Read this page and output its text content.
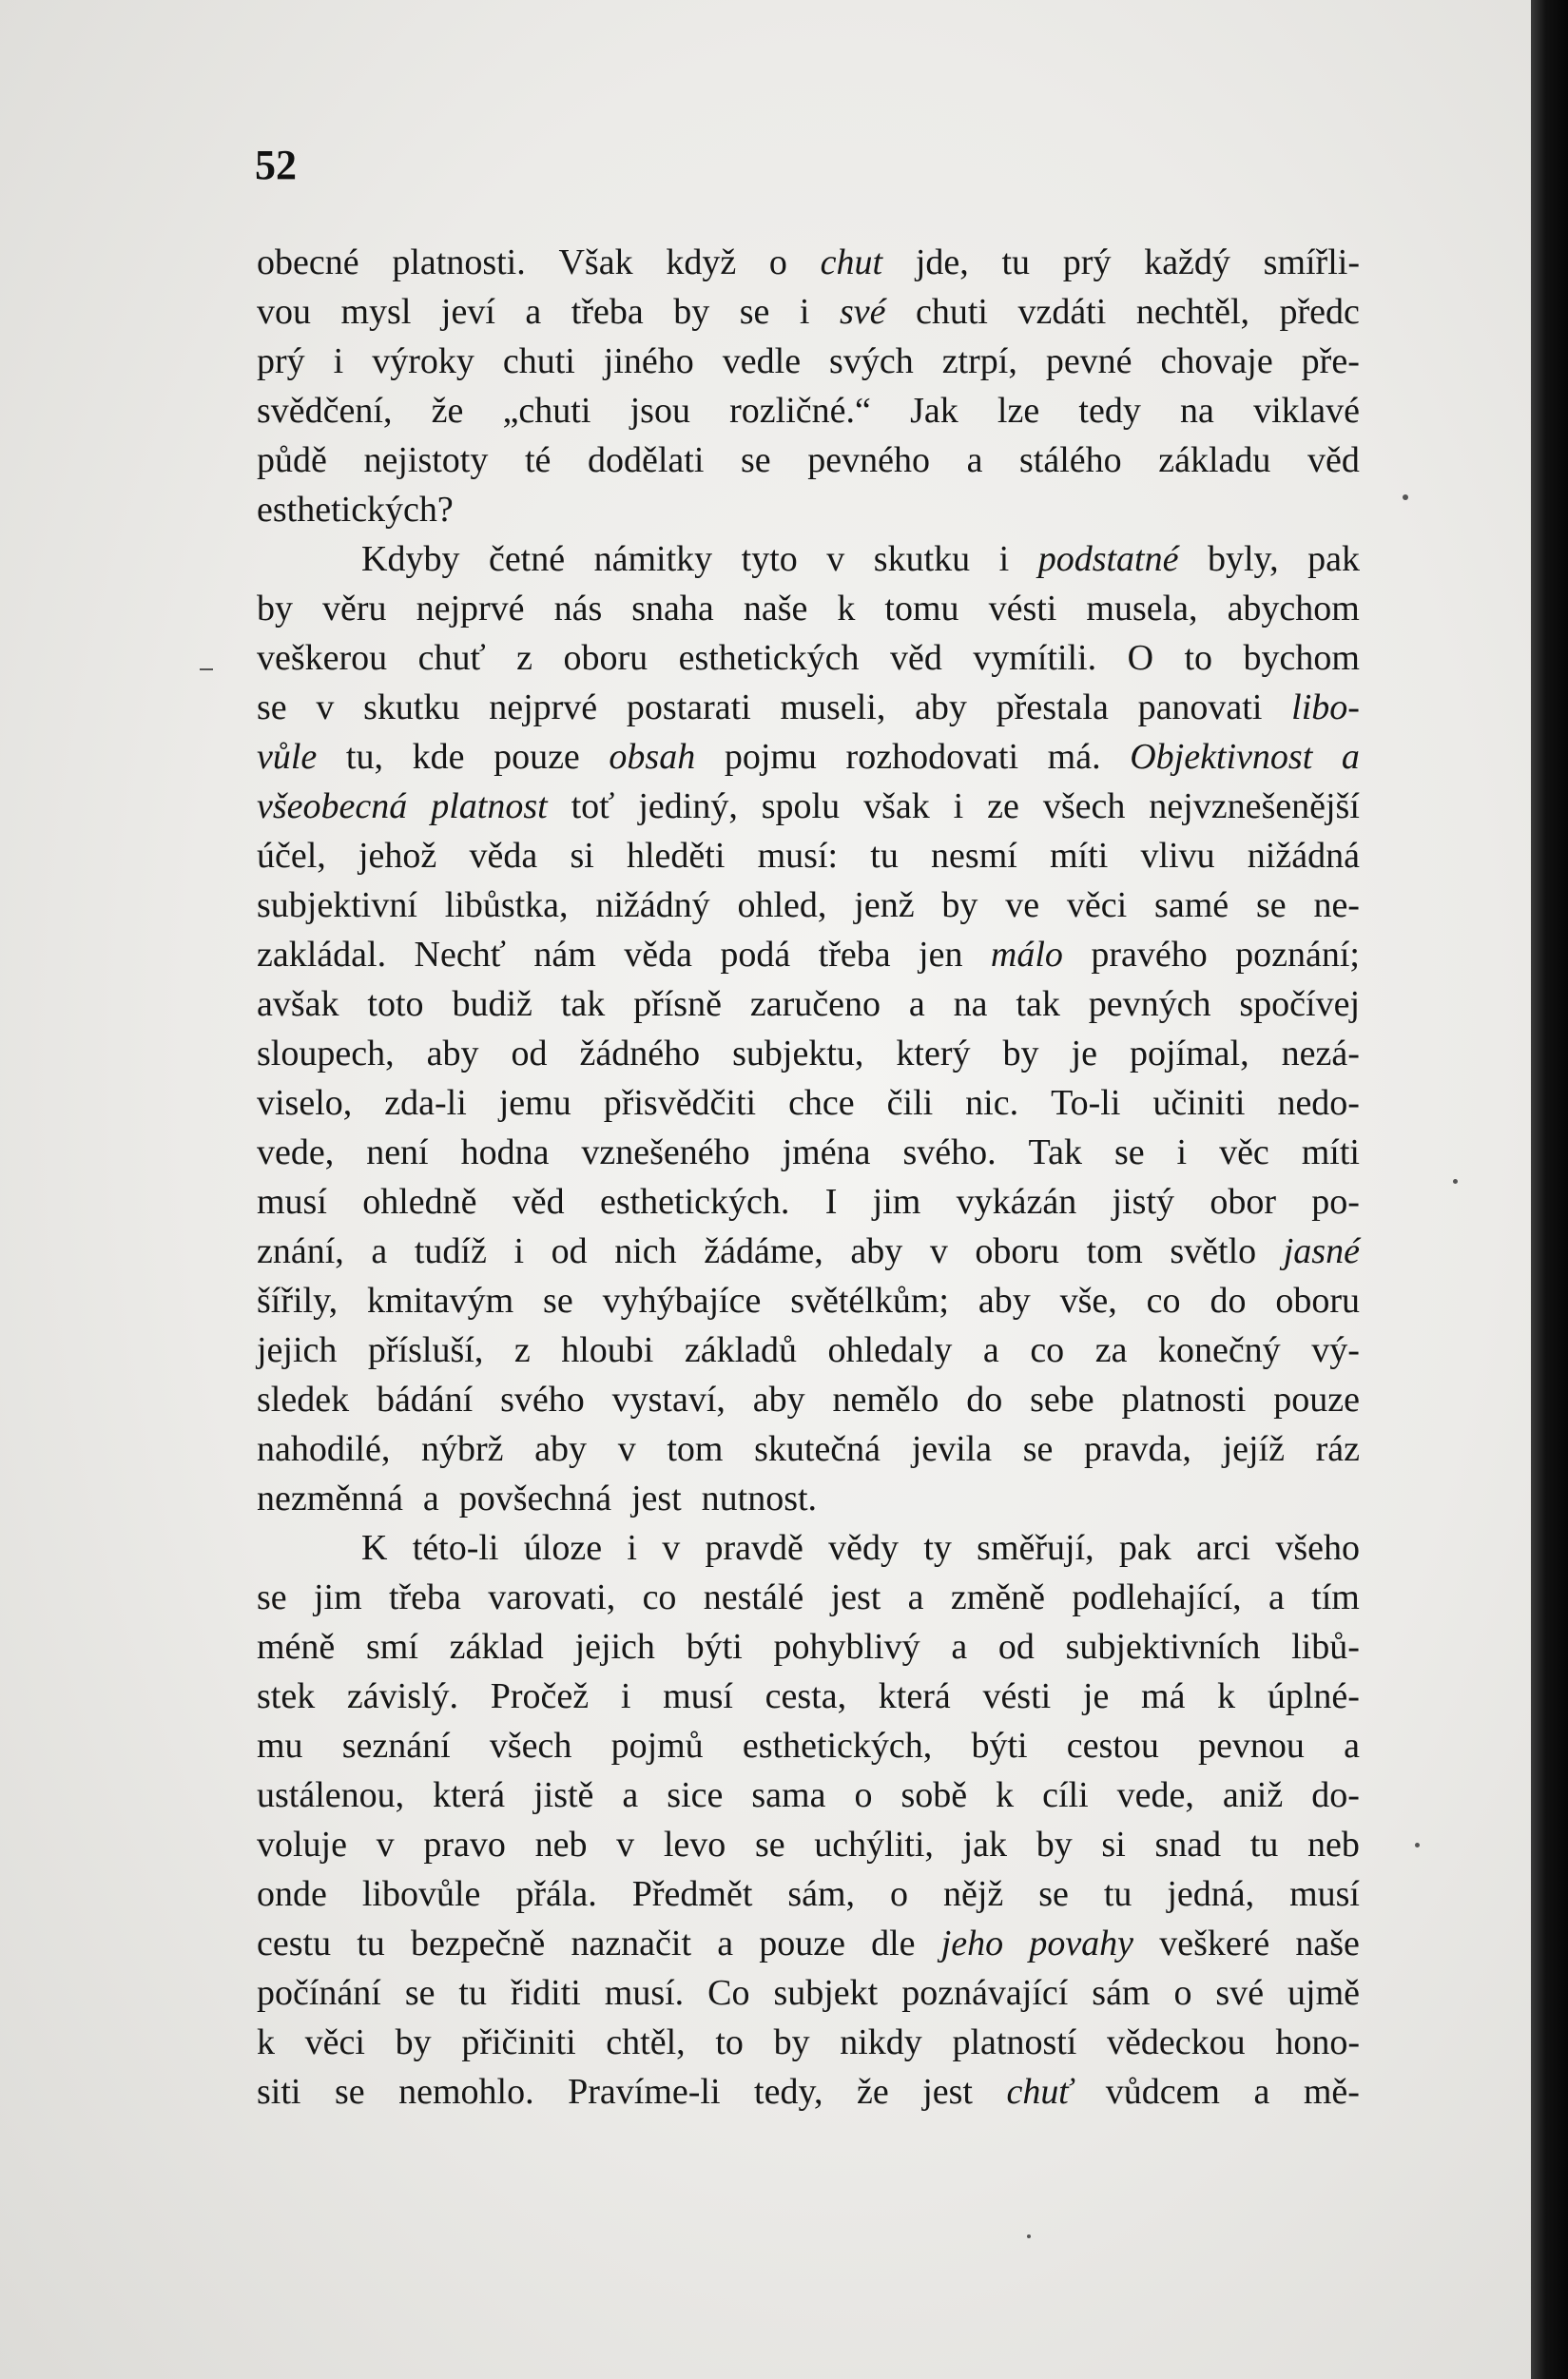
52
obecné platnosti. Však když o chut jde, tu prý každý smířli-
vou mysl jeví a třeba by se i své chuti vzdáti nechtěl, předc
prý i výroky chuti jiného vedle svých ztrpí, pevné chovaje pře-
svědčení, že „chuti jsou rozličné.“ Jak lze tedy na viklavé
půdě nejistoty té dodělati se pevného a stálého základu věd
esthetických?
Kdyby četné námitky tyto v skutku i podstatné byly, pak
by věru nejprvé nás snaha naše k tomu vésti musela, abychom
veškerou chuť z oboru esthetických věd vymítili. O to bychom
se v skutku nejprvé postarati museli, aby přestala panovati libo-
vůle tu, kde pouze obsah pojmu rozhodovati má. Objektivnost a
všeobecná platnost toť jediný, spolu však i ze všech nejvznešenější
účel, jehož věda si hleděti musí: tu nesmí míti vlivu nižádná
subjektivní libůstka, nižádný ohled, jenž by ve věci samé se ne-
zakládal. Nechť nám věda podá třeba jen málo pravého poznání;
avšak toto budiž tak přísně zaručeno a na tak pevných spočívej
sloupech, aby od žádného subjektu, který by je pojímal, nezá-
viselo, zda-li jemu přisvědčiti chce čili nic. To-li učiniti nedo-
vede, není hodna vznešeného jména svého. Tak se i věc míti
musí ohledně věd esthetických. I jim vykázán jistý obor po-
znání, a tudíž i od nich žádáme, aby v oboru tom světlo jasné
šířily, kmitavým se vyhýbajíce světélkům; aby vše, co do oboru
jejich přísluší, z hloubi základů ohledaly a co za konečný vý-
sledek bádání svého vystaví, aby nemělo do sebe platnosti pouze
nahodilé, nýbrž aby v tom skutečná jevila se pravda, jejíž ráz
nezměnná a povšechná jest nutnost.
K této-li úloze i v pravdě vědy ty směřují, pak arci všeho
se jim třeba varovati, co nestálé jest a změně podlehající, a tím
méně smí základ jejich býti pohyblivý a od subjektivních libů-
stek závislý. Pročež i musí cesta, která vésti je má k úplné-
mu seznání všech pojmů esthetických, býti cestou pevnou a
ustálenou, která jistě a sice sama o sobě k cíli vede, aniž do-
voluje v pravo neb v levo se uchýliti, jak by si snad tu neb
onde libovůle přála. Předmět sám, o nějž se tu jedná, musí
cestu tu bezpečně naznačit a pouze dle jeho povahy veškeré naše
počínání se tu řiditi musí. Co subjekt poznávající sám o své ujmě
k věci by přičiniti chtěl, to by nikdy platností vědeckou hono-
siti se nemohlo. Pravíme-li tedy, že jest chuť vůdcem a mě-
